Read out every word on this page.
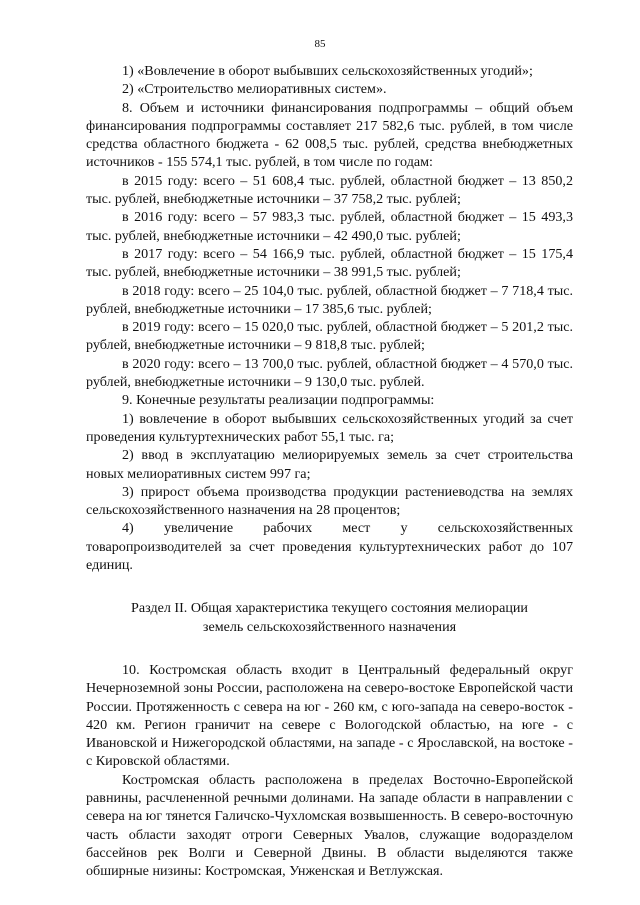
85

1) «Вовлечение в оборот выбывших сельскохозяйственных угодий»;

2) «Строительство мелиоративных систем».

8. Объем и источники финансирования подпрограммы – общий объем финансирования подпрограммы составляет 217 582,6 тыс. рублей, в том числе средства областного бюджета - 62 008,5 тыс. рублей, средства внебюджетных источников - 155 574,1 тыс. рублей, в том числе по годам:

в 2015 году: всего – 51 608,4 тыс. рублей, областной бюджет – 13 850,2 тыс. рублей, внебюджетные источники – 37 758,2 тыс. рублей;

в 2016 году: всего – 57 983,3 тыс. рублей, областной бюджет – 15 493,3 тыс. рублей, внебюджетные источники – 42 490,0 тыс. рублей;

в 2017 году: всего – 54 166,9 тыс. рублей, областной бюджет – 15 175,4 тыс. рублей, внебюджетные источники – 38 991,5 тыс. рублей;

в 2018 году: всего – 25 104,0 тыс. рублей, областной бюджет – 7 718,4 тыс. рублей, внебюджетные источники – 17 385,6 тыс. рублей;

в 2019 году: всего – 15 020,0 тыс. рублей, областной бюджет – 5 201,2 тыс. рублей, внебюджетные источники – 9 818,8 тыс. рублей;

в 2020 году: всего – 13 700,0 тыс. рублей, областной бюджет – 4 570,0 тыс. рублей, внебюджетные источники – 9 130,0 тыс. рублей.

9. Конечные результаты реализации подпрограммы:

1) вовлечение в оборот выбывших сельскохозяйственных угодий за счет проведения культуртехнических работ 55,1 тыс. га;

2) ввод в эксплуатацию мелиорируемых земель за счет строительства новых мелиоративных систем 997 га;

3) прирост объема производства продукции растениеводства на землях сельскохозяйственного назначения на 28 процентов;

4) увеличение рабочих мест у сельскохозяйственных товаропроизводителей за счет проведения культуртехнических работ до 107 единиц.

Раздел II. Общая характеристика текущего состояния мелиорации
земель сельскохозяйственного назначения

10. Костромская область входит в Центральный федеральный округ Нечерноземной зоны России, расположена на северо-востоке Европейской части России. Протяженность с севера на юг - 260 км, с юго-запада на северо-восток - 420 км. Регион граничит на севере с Вологодской областью, на юге - с Ивановской и Нижегородской областями, на западе - с Ярославской, на востоке - с Кировской областями.

Костромская область расположена в пределах Восточно-Европейской равнины, расчлененной речными долинами. На западе области в направлении с севера на юг тянется Галичско-Чухломская возвышенность. В северо-восточную часть области заходят отроги Северных Увалов, служащие водоразделом бассейнов рек Волги и Северной Двины. В области выделяются также обширные низины: Костромская, Унженская и Ветлужская.
